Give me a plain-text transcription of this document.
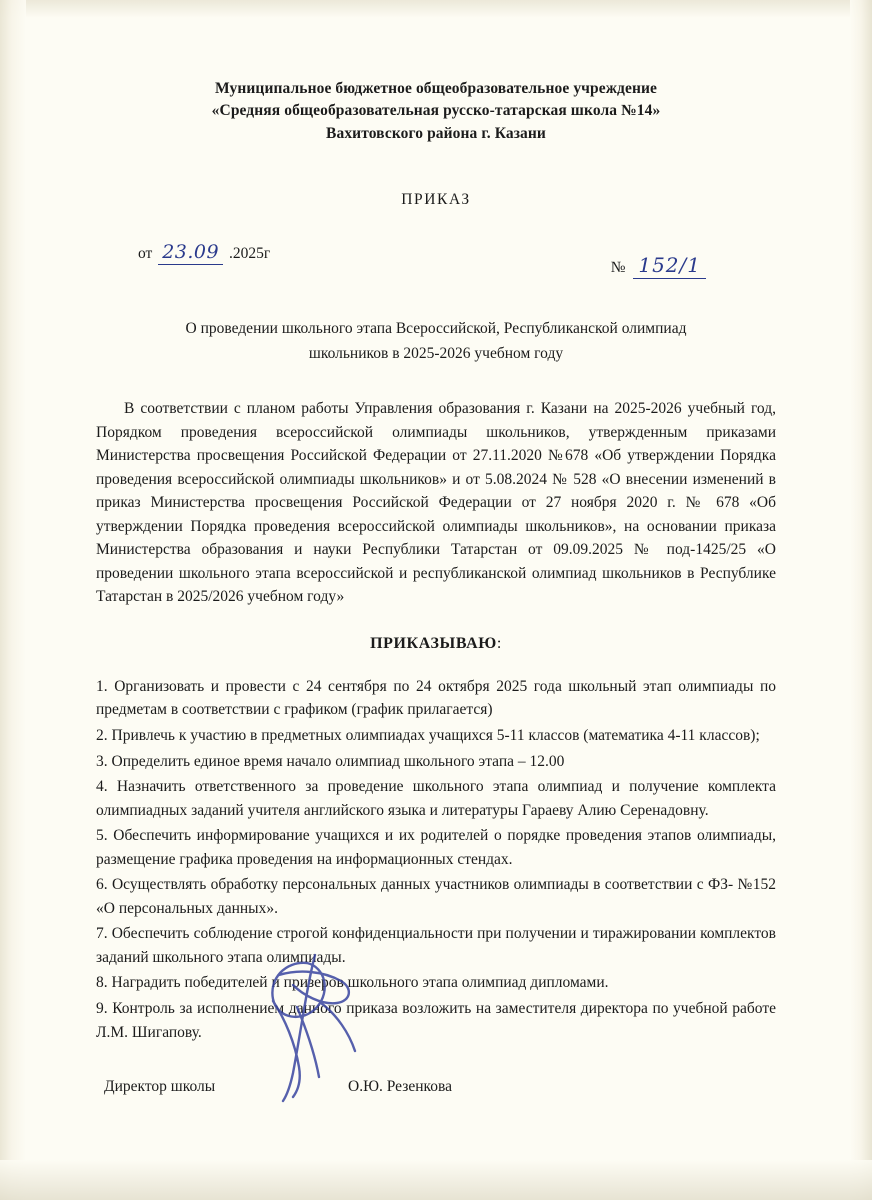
Муниципальное бюджетное общеобразовательное учреждение
«Средняя общеобразовательная русско-татарская школа №14»
Вахитовского района г. Казани
ПРИКАЗ
от 23.09 .2025г
№ 152/1
О проведении школьного этапа Всероссийской, Республиканской олимпиад
школьников в 2025-2026 учебном году
В соответствии с планом работы Управления образования г. Казани на 2025-2026 учебный год, Порядком проведения всероссийской олимпиады школьников, утвержденным приказами Министерства просвещения Российской Федерации от 27.11.2020 №678 «Об утверждении Порядка проведения всероссийской олимпиады школьников» и от 5.08.2024 № 528 «О внесении изменений в приказ Министерства просвещения Российской Федерации от 27 ноября 2020 г. № 678 «Об утверждении Порядка проведения всероссийской олимпиады школьников», на основании приказа Министерства образования и науки Республики Татарстан от 09.09.2025 № под-1425/25 «О проведении школьного этапа всероссийской и республиканской олимпиад школьников в Республике Татарстан в 2025/2026 учебном году»
ПРИКАЗЫВАЮ:

1. Организовать и провести с 24 сентября по 24 октября 2025 года школьный этап олимпиады по предметам в соответствии с графиком (график прилагается)

2. Привлечь к участию в предметных олимпиадах учащихся 5-11 классов (математика 4-11 классов);

3. Определить единое время начало олимпиад школьного этапа – 12.00

4. Назначить ответственного за проведение школьного этапа олимпиад и получение комплекта олимпиадных заданий учителя английского языка и литературы Гараеву Алию Серенадовну.

5. Обеспечить информирование учащихся и их родителей о порядке проведения этапов олимпиады, размещение графика проведения на информационных стендах.

6. Осуществлять обработку персональных данных участников олимпиады в соответствии с ФЗ- №152 «О персональных данных».

7. Обеспечить соблюдение строгой конфиденциальности при получении и тиражировании комплектов заданий школьного этапа олимпиады.

8. Наградить победителей и призеров школьного этапа олимпиад дипломами.

9. Контроль за исполнением данного приказа возложить на заместителя директора по учебной работе Л.М. Шигапову.

Директор школы	О.Ю. Резенкова
